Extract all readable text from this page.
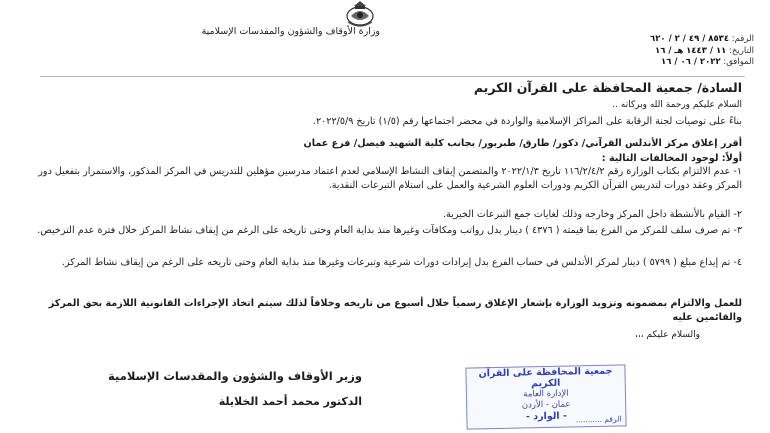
وزارة الأوقاف والشؤون والمقدسات الإسلامية
الرقم: ٨٥٣٤ / ٤٩ / ٢ / ٦٢٠
التاريخ: ١١ / ١٤٤٣ هـ / ١٦
الموافق: ٢٠٢٢ / ٠٦ / ١٦
السادة/ جمعية المحافظة على القرآن الكريم
السلام عليكم ورحمة الله وبركاته ..
بناءً على توصيات لجنة الرقابة على المراكز الإسلامية والواردة في محضر اجتماعها رقم (١/٥) تاريخ ٢٠٢٢/٥/٩.
أقرر إغلاق مركز الأندلس القرآني/ ذكور/ طارق/ طبربور/ بجانب كلية الشهيد فيصل/ فرع عمان
أولاً: لوجود المخالفات التالية :
١- عدم الالتزام بكتاب الوزارة رقم ١١٦/٢/٤/٢ تاريخ ٢٠٢٢/١/٣ والمتضمن إيقاف النشاط الإسلامي لعدم اعتماد مدرسين مؤهلين للتدريس في المركز المذكور، والاستمرار بتفعيل دور المركز وعقد دورات لتدريس القرآن الكريم ودورات العلوم الشرعية والعمل على استلام التبرعات النقدية.
٢- القيام بالأنشطة داخل المركز وخارجه وذلك لغايات جمع التبرعات الخيرية.
٣- تم صرف سلف للمركز من الفرع بما قيمته ( ٤٣٧٦ ) دينار بدل رواتب ومكافآت وغيرها منذ بداية العام وحتى تاريخه على الرغم من إيقاف نشاط المركز خلال فترة عدم الترخيص.
٤- تم إيداع مبلغ ( ٥٧٩٩ ) دينار لمركز الأندلس في حساب الفرع بدل إيرادات دورات شرعية وتبرعات وغيرها منذ بداية العام وحتى تاريخه على الرغم من إيقاف نشاط المركز.
للعمل والالتزام بمضمونه وتزويد الوزارة بإشعار الإغلاق رسمياً خلال أسبوع من تاريخه وخلافاً لذلك سيتم اتخاذ الإجراءات القانونية اللازمة بحق المركز والقائمين عليه
والسلام عليكم ،،،
جمعية المحافظة على القرآن الكريم
الإدارة العامة
عمان - الأردن
- الوارد -	الرقم ...........
وزير الأوقاف والشؤون والمقدسات الإسلامية
الدكتور محمد أحمد الخلايلة
